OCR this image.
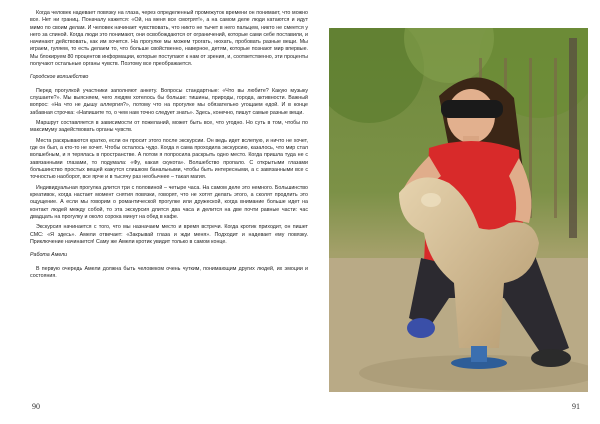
Когда человек надевает повязку на глаза, через определенный промежуток времени он понимает, что можно все. Нет ни границ. Поначалу кажется: «Ой, на меня все смотрят!», а на самом деле люди катаются и идут мимо по своим делам. И человек начинает чувствовать, что никто не тычет в него пальцем, никто не смеется у него за спиной. Когда люди это понимают, они освобождаются от ограничений, которые сами себе поставили, и начинают действовать, как им хочется. На прогулке мы можем трогать, нюхать, пробовать разные вещи. Мы играем, гуляем, то есть делаем то, что больше свойственно, наверное, детям, которые познают мир впервые. Мы блокируем 80 процентов информации, которые поступают к нам от зрения, и, соответственно, эти проценты получают остальные органы чувств. Поэтому все преображается.

Городское волшебство

Перед прогулкой участники заполняют анкету. Вопросы стандартные: «Что вы любите? Какую музыку слушаете?». Мы выясняем, чего людям хотелось бы больше: тишины, природы, города, активности. Важный вопрос: «На что не дышу аллергия?», потому что на прогулке мы обязательно угощаем едой. И в конце забавная строчка: «Напишите то, о чем нам точно следует знать». Здесь, конечно, пишут самые разные вещи.

Маршрут составляется в зависимости от пожеланий, может быть все, что угодно. Но суть в том, чтобы по максимуму задействовать органы чувств.

Места раскрываются кратко, если он просит этого после экскурсии. Он ведь идет вслепую, и ничто не хочет, где он был, а кто-то не хочет. Чтобы осталось чудо. Когда я сама проходила экскурсию, казалось, что мир стал волшебным, и я терялась в пространстве. А потом я попросила раскрыть одно место. Когда пришла туда не с завязанными глазами, то подумала: «Фу, какая скукота». Волшебство пропало. С открытыми глазами большинство простых вещей кажутся слишком банальными, чтобы быть интересными, а с завязанными все с точностью наоборот, все ярче и в тысячу раз необычнее – такая магия.

Индивидуальная прогулка длится три с половиной – четыре часа. На самом деле это немного. Большинство креативок, когда настает момент снятия повязки, говорят, что не хотят делать этого, а сколят продлить это ощущение. А если мы говорим о романтической прогулке или дружеской, когда внимание больше идет на контакт людей между собой, то эта экскурсия длится два часа и делится на две почти равные части: час двадцать на прогулку и около сорока минут на обед в кафе.

Экскурсия начинается с того, что мы назначаем место и время встречи. Когда кротик приходит, он пишет СМС: «Я здесь». Амели отвечает: «Закрывай глаза и жди меня». Подходит и надевает ему повязку. Приключение начинается! Саму же Амели кротик увидит только в самом конце.

Работа Амели

В первую очередь Амели должна быть человеком очень чутким, понимающим других людей, их эмоции и состояния.

90	91
